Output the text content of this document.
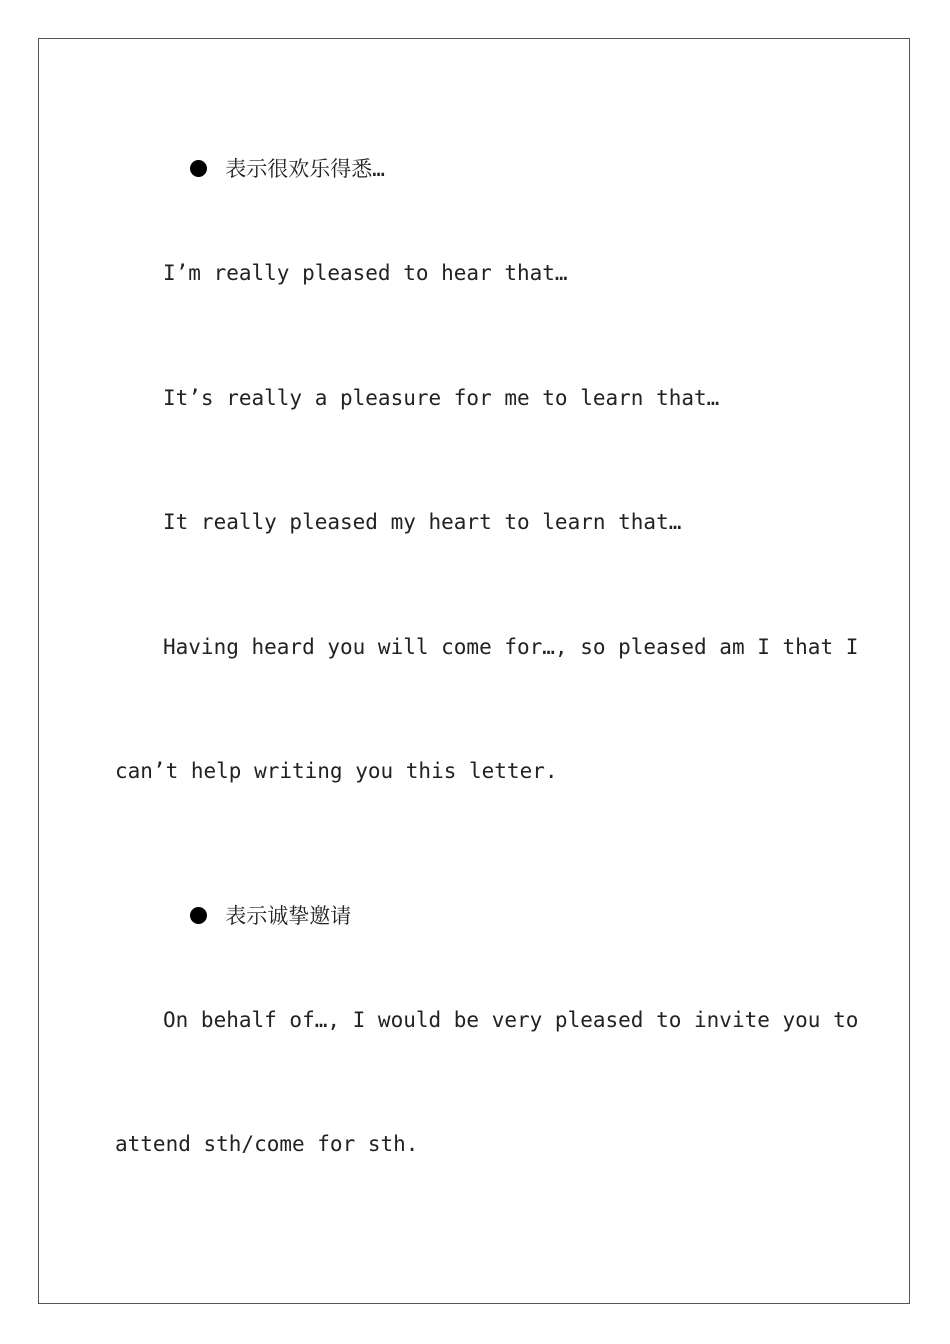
表示很欢乐得悉…

I’m really pleased to hear that…
It’s really a pleasure for me to learn that…
It really pleased my heart to learn that…
Having heard you will come for…, so pleased am I that I
can’t help writing you this letter.

表示诚挚邀请

On behalf of…, I would be very pleased to invite you to
attend sth/come for sth.
